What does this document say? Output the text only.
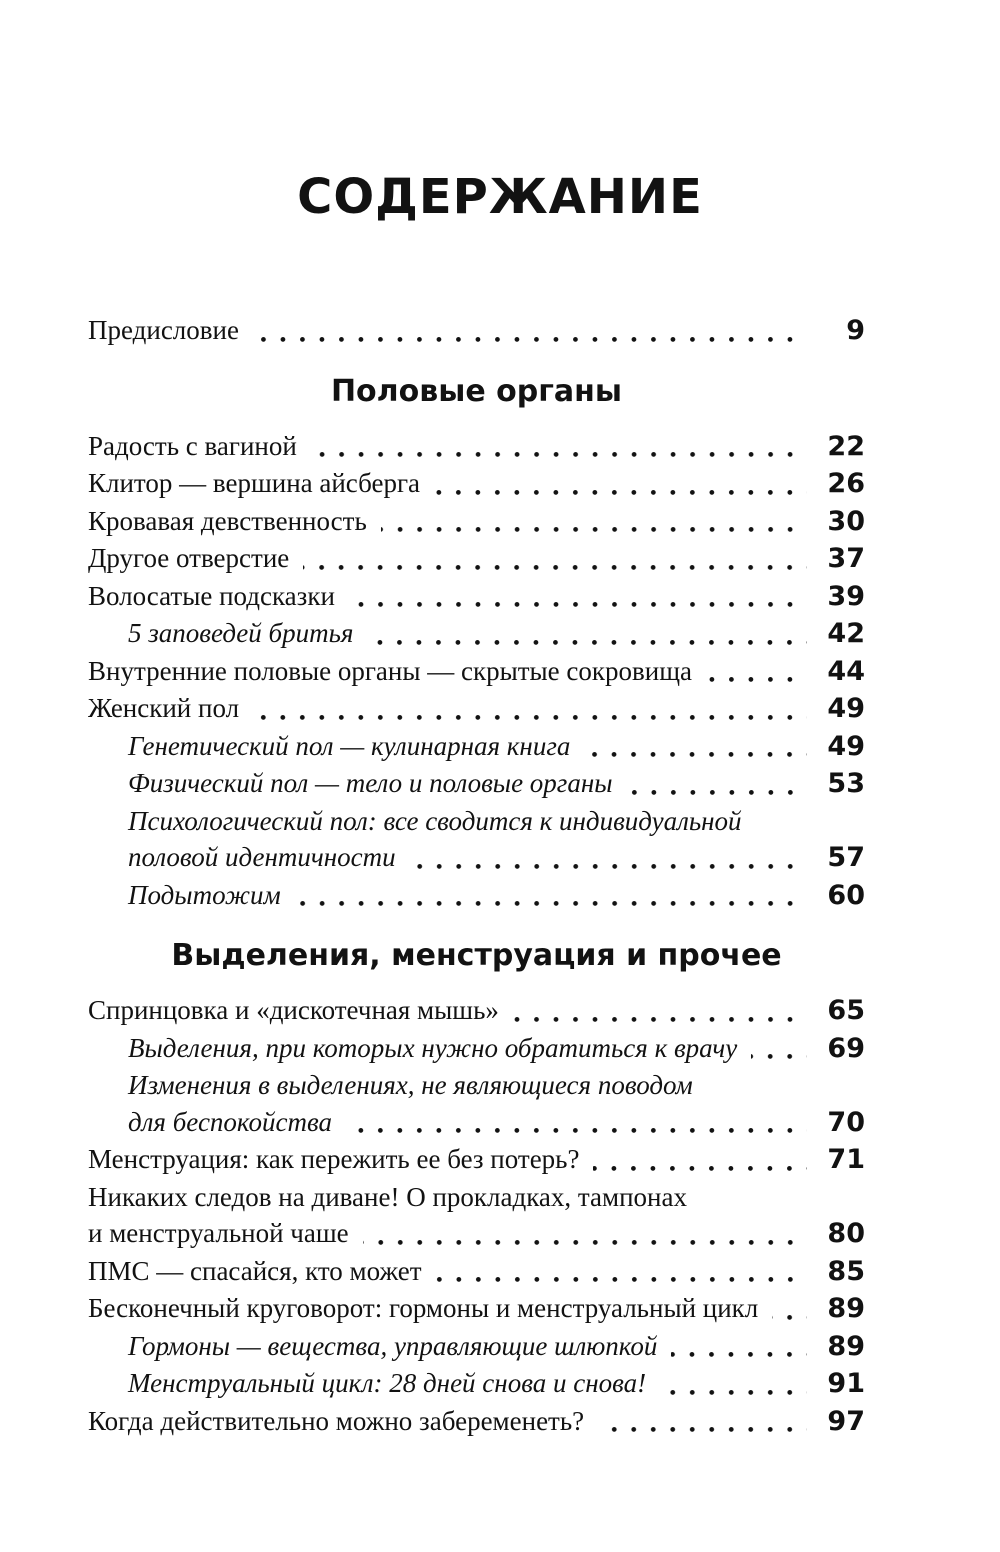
СОДЕРЖАНИЕ
Предисловие	9
Половые органы
Радость с вагиной	22
Клитор — вершина айсберга	26
Кровавая девственность	30
Другое отверстие	37
Волосатые подсказки	39
5 заповедей бритья	42
Внутренние половые органы — скрытые сокровища	44
Женский пол	49
Генетический пол — кулинарная книга	49
Физический пол — тело и половые органы	53
Психологический пол: все сводится к индивидуальной
половой идентичности	57
Подытожим	60
Выделения, менструация и прочее
Спринцовка и «дискотечная мышь»	65
Выделения, при которых нужно обратиться к врачу	69
Изменения в выделениях, не являющиеся поводом
для беспокойства	70
Менструация: как пережить ее без потерь?	71
Никаких следов на диване! О прокладках, тампонах
и менструальной чаше	80
ПМС — спасайся, кто может	85
Бесконечный круговорот: гормоны и менструальный цикл	89
Гормоны — вещества, управляющие шлюпкой	89
Менструальный цикл: 28 дней снова и снова!	91
Когда действительно можно забеременеть?	97
